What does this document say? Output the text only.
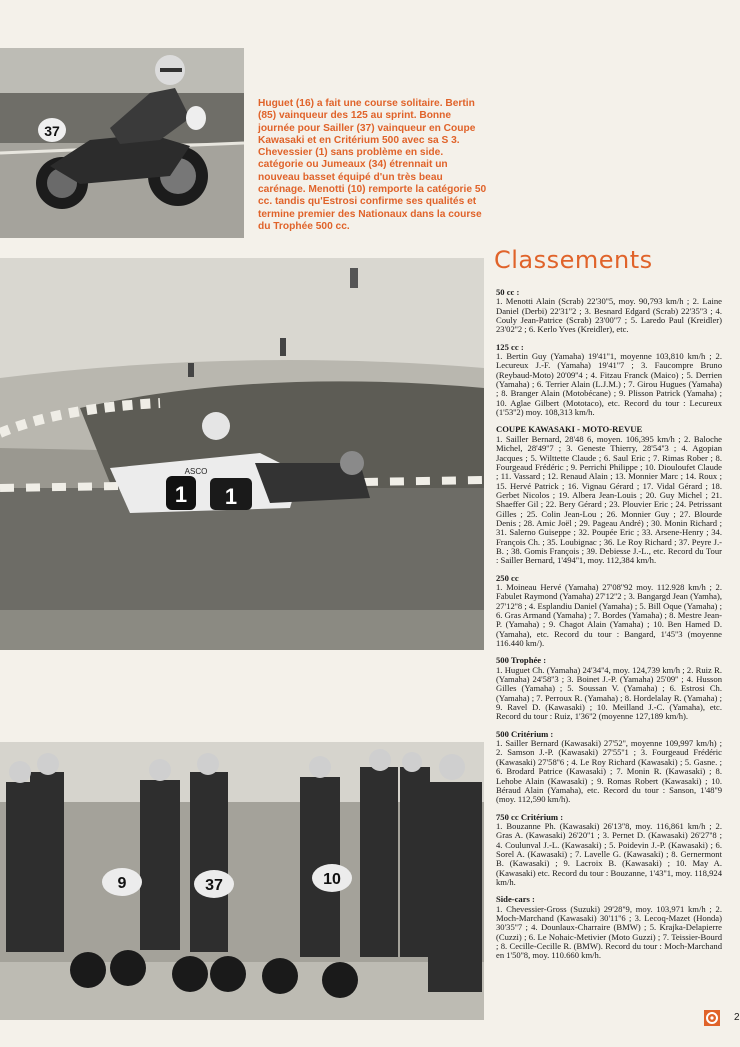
37
Huguet (16) a fait une course solitaire. Bertin (85) vainqueur des 125 au sprint. Bonne journée pour Sailler (37) vainqueur en Coupe Kawasaki et en Critérium 500 avec sa S 3. Chevessier (1) sans problème en side. catégorie ou Jumeaux (34) étrennait un nouveau basset équipé d'un très beau carénage. Menotti (10) remporte la catégorie 50 cc. tandis qu'Estrosi confirme ses qualités et termine premier des Nationaux dans la course du Trophée 500 cc.
Classements
1 1
ASCO
9	37	10
50 cc :
1. Menotti Alain (Scrab) 22'30''5, moy. 90,793 km/h ; 2. Laine Daniel (Derbi) 22'31''2 ; 3. Besnard Edgard (Scrab) 22'35''3 ; 4. Couly Jean-Patrice (Scrab) 23'00''7 ; 5. Laredo Paul (Kreidler) 23'02''2 ; 6. Kerlo Yves (Kreidler), etc.
125 cc :
1. Bertin Guy (Yamaha) 19'41''1, moyenne 103,810 km/h ; 2. Lecureux J.-F. (Yamaha) 19'41''7 ; 3. Faucompre Bruno (Reybaud-Moto) 20'09''4 ; 4. Fitzau Franck (Maico) ; 5. Derrien (Yamaha) ; 6. Terrier Alain (L.J.M.) ; 7. Girou Hugues (Yamaha) ; 8. Branger Alain (Motobécane) ; 9. Plisson Patrick (Yamaha) ; 10. Aglae Gilbert (Mototaco), etc. Record du tour : Lecureux (1'53''2) moy. 108,313 km/h.
COUPE KAWASAKI - MOTO-REVUE
1. Sailler Bernard, 28'48 6, moyen. 106,395 km/h ; 2. Baloche Michel, 28'49''7 ; 3. Geneste Thierry, 28'54''3 ; 4. Agopian Jacques ; 5. Wilttette Claude ; 6. Saul Eric ; 7. Rimas Rober ; 8. Fourgeaud Frédéric ; 9. Perrichi Philippe ; 10. Diouloufet Claude ; 11. Vassard ; 12. Renaud Alain ; 13. Monnier Marc ; 14. Roux ; 15. Hervé Patrick ; 16. Vignau Gérard ; 17. Vidal Gérard ; 18. Gerbet Nicolos ; 19. Albera Jean-Louis ; 20. Guy Michel ; 21. Shaeffer Gil ; 22. Bery Gérard ; 23. Plouvier Eric ; 24. Petrissant Gilles ; 25. Colin Jean-Lou ; 26. Monnier Guy ; 27. Blourde Denis ; 28. Amic Joël ; 29. Pageau André) ; 30. Monin Richard ; 31. Salerno Guiseppe ; 32. Poupée Eric ; 33. Arsene-Henry ; 34. François Ch. ; 35. Loubignac ; 36. Le Roy Richard ; 37. Peyre J.-B. ; 38. Gomis François ; 39. Debiesse J.-L., etc. Record du Tour : Sailler Bernard, 1'494''1, moy. 112,384 km/h.
250 cc
1. Moineau Hervé (Yamaha) 27'08''92 moy. 112.928 km/h ; 2. Fabulet Raymond (Yamaha) 27'12''2 ; 3. Bangargd Jean (Yamha), 27'12''8 ; 4. Esplandiu Daniel (Yamaha) ; 5. Bill Oque (Yamaha) ; 6. Gras Armand (Yamaha) ; 7. Bordes (Yamaha) ; 8. Mestre Jean-P. (Yamaha) ; 9. Chagot Alain (Yamaha) ; 10. Ben Hamed D. (Yamaha), etc. Record du tour : Bangard, 1'45''3 (moyenne 116.440 km/).
500 Trophée :
1. Huguet Ch. (Yamaha) 24'34''4, moy. 124,739 km/h ; 2. Ruiz R. (Yamaha) 24'58''3 ; 3. Boinet J.-P. (Yamaha) 25'09'' ; 4. Husson Gilles (Yamaha) ; 5. Soussan V. (Yamaha) ; 6. Estrosi Ch. (Yamaha) ; 7. Perroux R. (Yamaha) ; 8. Hordelalay R. (Yamaha) ; 9. Ravel D. (Kawasaki) ; 10. Meilland J.-C. (Yamaha), etc. Record du tour : Ruiz, 1'36''2 (moyenne 127,189 km/h).
500 Critérium :
1. Sailler Bernard (Kawasaki) 27'52'', moyenne 109,997 km/h) ; 2. Samson J.-P. (Kawasaki) 27'55''1 ; 3. Fourgeaud Frédéric (Kawasaki) 27'58''6 ; 4. Le Roy Richard (Kawasaki) ; 5. Gasne. ; 6. Brodard Patrice (Kawasaki) ; 7. Monin R. (Kawasaki) ; 8. Lehobe Alain (Kawasaki) ; 9. Romas Robert (Kawasaki) ; 10. Béraud Alain (Yamaha), etc. Record du tour : Sanson, 1'48''9 (moy. 112,590 km/h).
750 cc Critérium :
1. Bouzanne Ph. (Kawasaki) 26'13''8, moy. 116,861 km/h ; 2. Gras A. (Kawasaki) 26'20''1 ; 3. Pernet D. (Kawasaki) 26'27''8 ; 4. Coulunval J.-L. (Kawasaki) ; 5. Poidevin J.-P. (Kawasaki) ; 6. Sorel A. (Kawasaki) ; 7. Lavelle G. (Kawasaki) ; 8. Gernermont B. (Kawasaki) ; 9. Lacroix B. (Kawasaki) ; 10. May A. (Kawasaki) etc. Record du tour : Bouzanne, 1'43''1, moy. 118,924 km/h.
Side-cars :
1. Chevessier-Gross (Suzuki) 29'28''9, moy. 103,971 km/h ; 2. Moch-Marchand (Kawasaki) 30'11''6 ; 3. Lecoq-Mazet (Honda) 30'35''7 ; 4. Dounlaux-Charraire (BMW) ; 5. Krajka-Delapierre (Cuzzi) ; 6. Le Nohaic-Metivier (Moto Guzzi) ; 7. Teissier-Bourd ; 8. Cecille-Cecille R. (BMW). Record du tour : Moch-Marchand en 1'50''8, moy. 110.660 km/h.
2
